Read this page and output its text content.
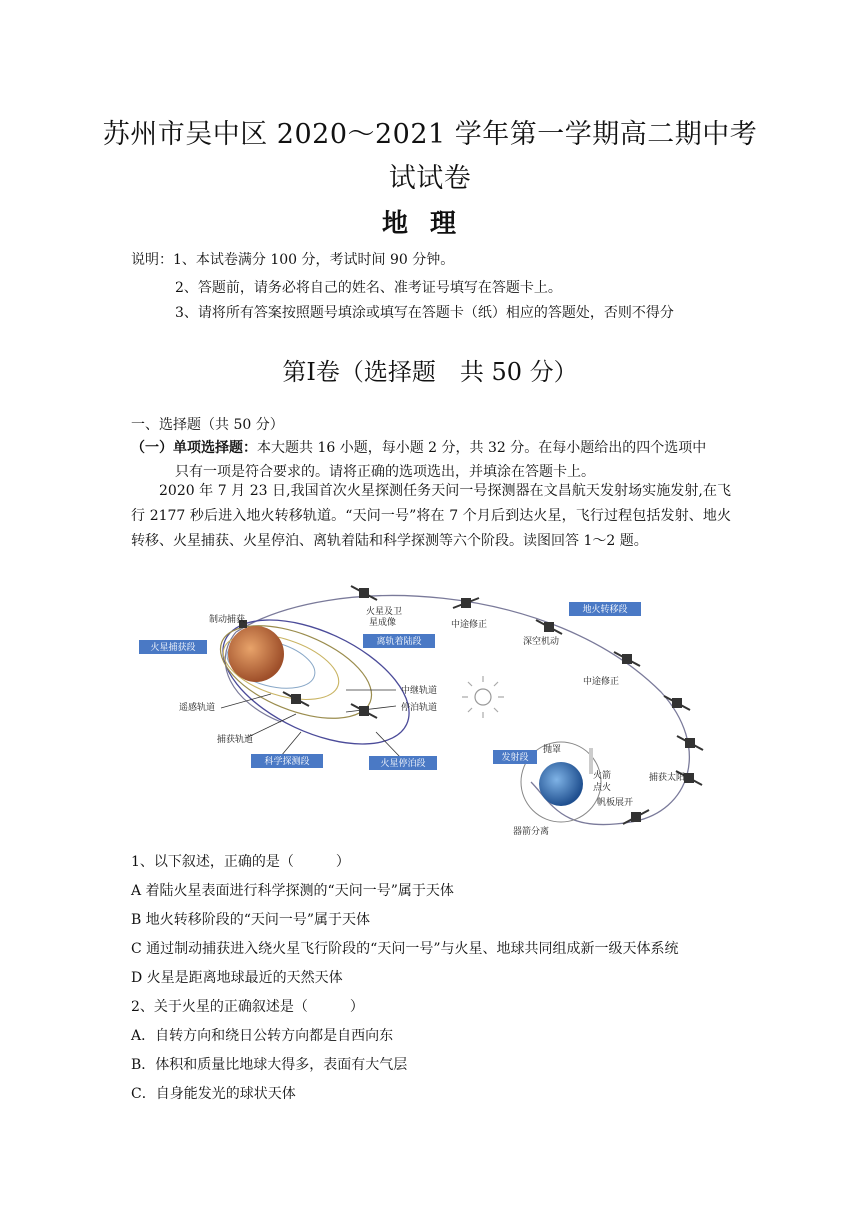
苏州市吴中区 2020～2021 学年第一学期高二期中考
试试卷
地理
说明：1、本试卷满分 100 分，考试时间 90 分钟。
2、答题前，请务必将自己的姓名、准考证号填写在答题卡上。
3、请将所有答案按照题号填涂或填写在答题卡（纸）相应的答题处，否则不得分
第Ⅰ卷（选择题　共 50 分）
一、选择题（共 50 分）
（一）单项选择题：本大题共 16 小题，每小题 2 分，共 32 分。在每小题给出的四个选项中
只有一项是符合要求的。请将正确的选项选出，并填涂在答题卡上。
2020 年 7 月 23 日,我国首次火星探测任务天问一号探测器在文昌航天发射场实施发射,在飞行 2177 秒后进入地火转移轨道。“天问一号”将在 7 个月后到达火星，飞行过程包括发射、地火转移、火星捕获、火星停泊、离轨着陆和科学探测等六个阶段。读图回答 1～2 题。
火星捕获段
离轨着陆段
科学探测段	火星停泊段
地火转移段
发射段
制动捕获
火星及卫
星成像	中途修正
深空机动
中途修正
中继轨道
停泊轨道
遥感轨道
捕获轨道
捕获太阳
抛罩
火箭
点火
帆板展开
器箭分离
1、以下叙述，正确的是（　　　）
A 着陆火星表面进行科学探测的“天问一号”属于天体
B 地火转移阶段的“天问一号”属于天体
C 通过制动捕获进入绕火星飞行阶段的“天问一号”与火星、地球共同组成新一级天体系统
D 火星是距离地球最近的天然天体
2、关于火星的正确叙述是（　　　）
A．自转方向和绕日公转方向都是自西向东
B．体积和质量比地球大得多，表面有大气层
C．自身能发光的球状天体
